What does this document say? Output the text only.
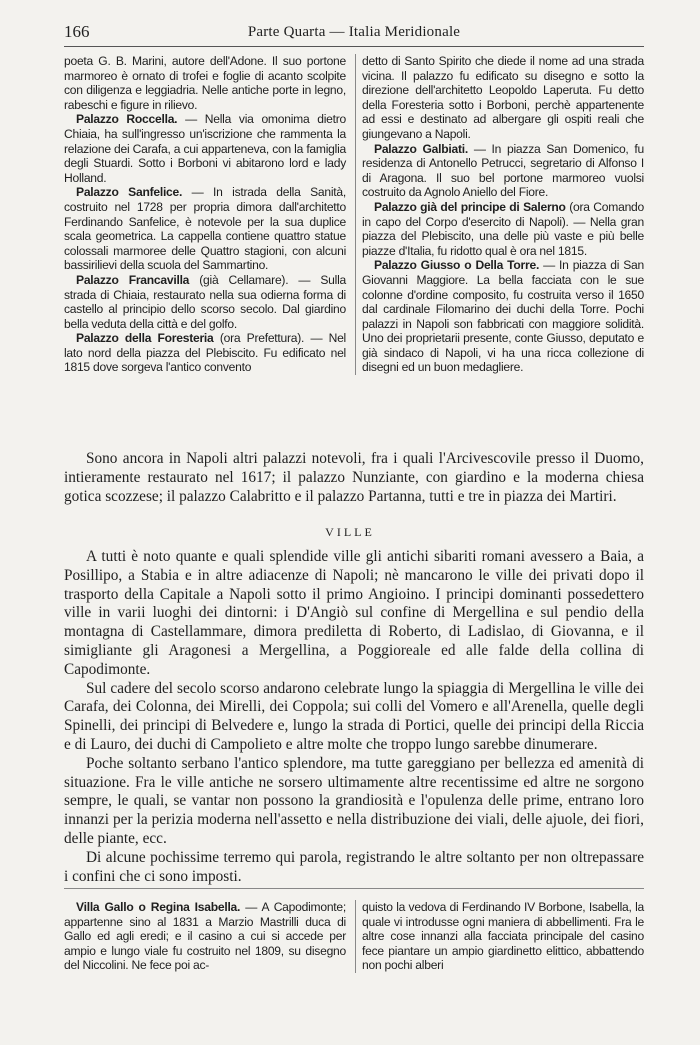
166	Parte Quarta — Italia Meridionale

poeta G. B. Marini, autore dell'Adone. Il suo portone marmoreo è ornato di trofei e foglie di acanto scolpite con diligenza e leggiadria. Nelle antiche porte in legno, rabeschi e figure in rilievo.

Palazzo Roccella. — Nella via omonima dietro Chiaia, ha sull'ingresso un'iscrizione che rammenta la relazione dei Carafa, a cui apparteneva, con la famiglia degli Stuardi. Sotto i Borboni vi abitarono lord e lady Holland.

Palazzo Sanfelice. — In istrada della Sanità, costruito nel 1728 per propria dimora dall'architetto Ferdinando Sanfelice, è notevole per la sua duplice scala geometrica. La cappella contiene quattro statue colossali marmoree delle Quattro stagioni, con alcuni bassirilievi della scuola del Sammartino.

Palazzo Francavilla (già Cellamare). — Sulla strada di Chiaia, restaurato nella sua odierna forma di castello al principio dello scorso secolo. Dal giardino bella veduta della città e del golfo.

Palazzo della Foresteria (ora Prefettura). — Nel lato nord della piazza del Plebiscito. Fu edificato nel 1815 dove sorgeva l'antico convento

detto di Santo Spirito che diede il nome ad una strada vicina. Il palazzo fu edificato su disegno e sotto la direzione dell'architetto Leopoldo Laperuta. Fu detto della Foresteria sotto i Borboni, perchè appartenente ad essi e destinato ad albergare gli ospiti reali che giungevano a Napoli.

Palazzo Galbiati. — In piazza San Domenico, fu residenza di Antonello Petrucci, segretario di Alfonso I di Aragona. Il suo bel portone marmoreo vuolsi costruito da Agnolo Aniello del Fiore.

Palazzo già del principe di Salerno (ora Comando in capo del Corpo d'esercito di Napoli). — Nella gran piazza del Plebiscito, una delle più vaste e più belle piazze d'Italia, fu ridotto qual è ora nel 1815.

Palazzo Giusso o Della Torre. — In piazza di San Giovanni Maggiore. La bella facciata con le sue colonne d'ordine composito, fu costruita verso il 1650 dal cardinale Filomarino dei duchi della Torre. Pochi palazzi in Napoli son fabbricati con maggiore solidità. Uno dei proprietarii presente, conte Giusso, deputato e già sindaco di Napoli, vi ha una ricca collezione di disegni ed un buon medagliere.

Sono ancora in Napoli altri palazzi notevoli, fra i quali l'Arcivescovile presso il Duomo, intieramente restaurato nel 1617; il palazzo Nunziante, con giardino e la moderna chiesa gotica scozzese; il palazzo Calabritto e il palazzo Partanna, tutti e tre in piazza dei Martiri.

VILLE

A tutti è noto quante e quali splendide ville gli antichi sibariti romani avessero a Baia, a Posillipo, a Stabia e in altre adiacenze di Napoli; nè mancarono le ville dei privati dopo il trasporto della Capitale a Napoli sotto il primo Angioino. I principi dominanti possedettero ville in varii luoghi dei dintorni: i D'Angiò sul confine di Mergellina e sul pendio della montagna di Castellammare, dimora prediletta di Roberto, di Ladislao, di Giovanna, e il simigliante gli Aragonesi a Mergellina, a Poggioreale ed alle falde della collina di Capodimonte.

Sul cadere del secolo scorso andarono celebrate lungo la spiaggia di Mergellina le ville dei Carafa, dei Colonna, dei Mirelli, dei Coppola; sui colli del Vomero e all'Arenella, quelle degli Spinelli, dei principi di Belvedere e, lungo la strada di Portici, quelle dei principi della Riccia e di Lauro, dei duchi di Campolieto e altre molte che troppo lungo sarebbe dinumerare.

Poche soltanto serbano l'antico splendore, ma tutte gareggiano per bellezza ed amenità di situazione. Fra le ville antiche ne sorsero ultimamente altre recentissime ed altre ne sorgono sempre, le quali, se vantar non possono la grandiosità e l'opulenza delle prime, entrano loro innanzi per la perizia moderna nell'assetto e nella distribuzione dei viali, delle ajuole, dei fiori, delle piante, ecc.

Di alcune pochissime terremo qui parola, registrando le altre soltanto per non oltrepassare i confini che ci sono imposti.

Villa Gallo o Regina Isabella. — A Capodimonte; appartenne sino al 1831 a Marzio Mastrilli duca di Gallo ed agli eredi; e il casino a cui si accede per ampio e lungo viale fu costruito nel 1809, su disegno del Niccolini. Ne fece poi ac-

quisto la vedova di Ferdinando IV Borbone, Isabella, la quale vi introdusse ogni maniera di abbellimenti. Fra le altre cose innanzi alla facciata principale del casino fece piantare un ampio giardinetto elittico, abbattendo non pochi alberi
